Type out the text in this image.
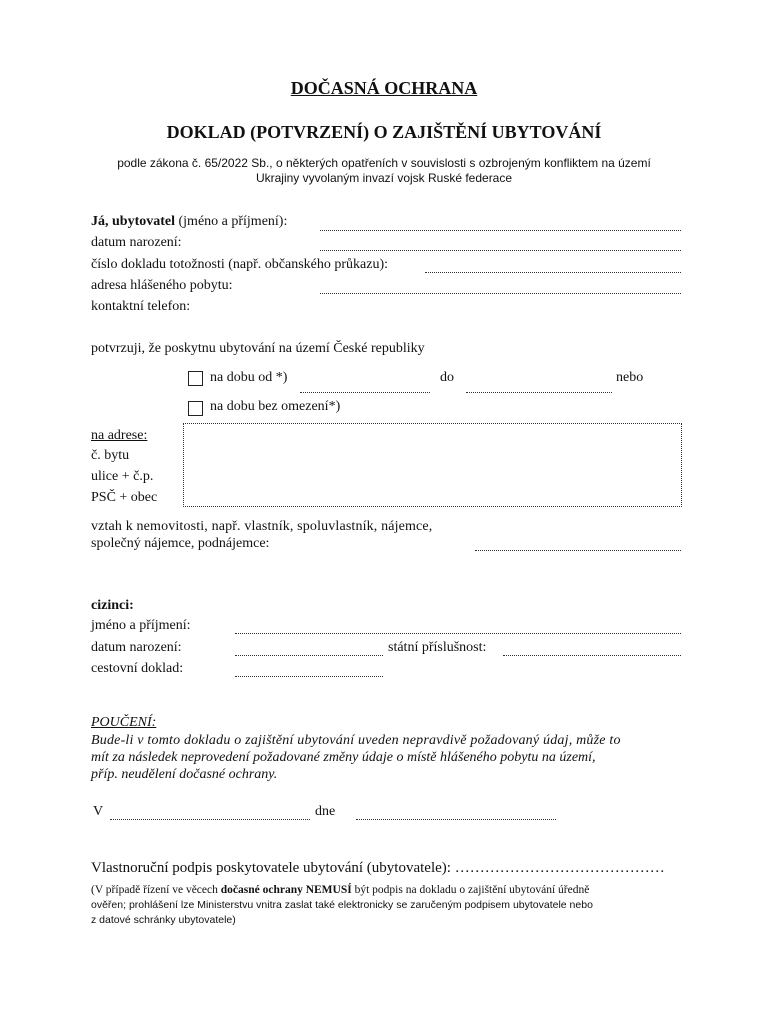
DOČASNÁ OCHRANA
DOKLAD (POTVRZENÍ) O ZAJIŠTĚNÍ UBYTOVÁNÍ
podle zákona č. 65/2022 Sb., o některých opatřeních v souvislosti s ozbrojeným konfliktem na území
Ukrajiny vyvolaným invazí vojsk Ruské federace
Já, ubytovatel (jméno a příjmení):
datum narození:
číslo dokladu totožnosti (např. občanského průkazu):
adresa hlášeného pobytu:
kontaktní telefon:
potvrzuji, že poskytnu ubytování na území České republiky
na dobu od *)	do	nebo
na dobu bez omezení*)
na adrese:
č. bytu
ulice + č.p.
PSČ + obec
vztah k nemovitosti, např. vlastník, spoluvlastník, nájemce,
společný nájemce, podnájemce:
cizinci:
jméno a příjmení:
datum narození:	státní příslušnost:
cestovní doklad:
POUČENÍ:
Bude-li v tomto dokladu o zajištění ubytování uveden nepravdivě požadovaný údaj, může to
mít za následek neprovedení požadované změny údaje o místě hlášeného pobytu na území,
příp. neudělení dočasné ochrany.
V	dne
Vlastnoruční podpis poskytovatele ubytování (ubytovatele): ……………………………………
(V případě řízení ve věcech dočasné ochrany NEMUSÍ být podpis na dokladu o zajištění ubytování úředně
ověřen; prohlášení lze Ministerstvu vnitra zaslat také elektronicky se zaručeným podpisem ubytovatele nebo
z datové schránky ubytovatele)
